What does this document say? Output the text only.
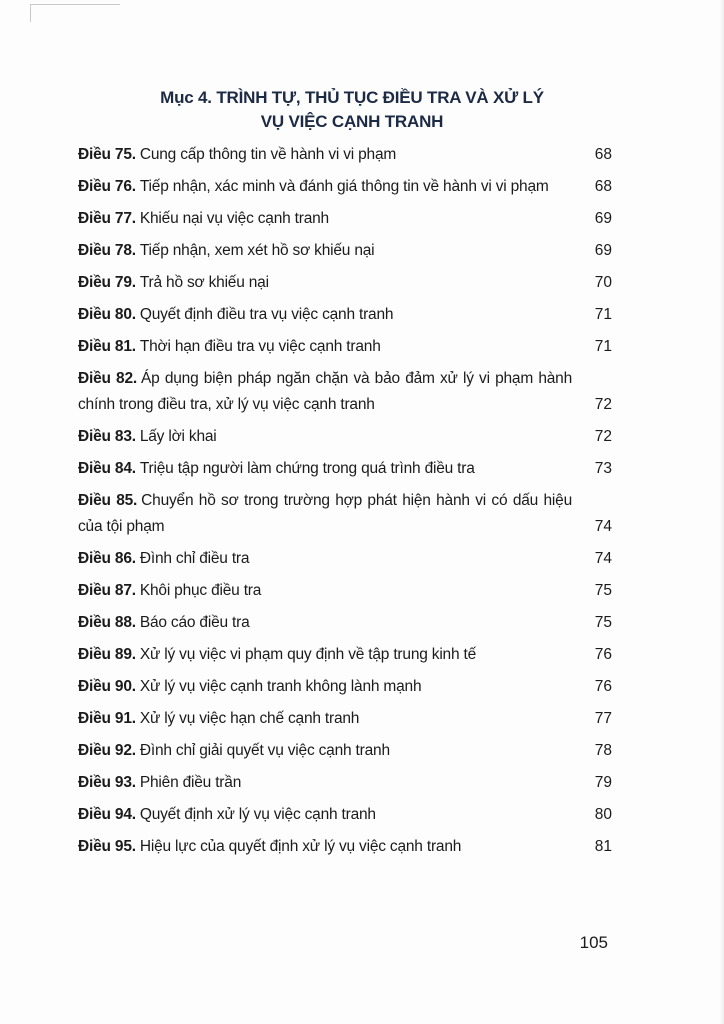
Mục 4. TRÌNH TỰ, THỦ TỤC ĐIỀU TRA VÀ XỬ LÝ
VỤ VIỆC CẠNH TRANH
Điều 75. Cung cấp thông tin về hành vi vi phạm	68
Điều 76. Tiếp nhận, xác minh và đánh giá thông tin về hành vi vi phạm	68
Điều 77. Khiếu nại vụ việc cạnh tranh	69
Điều 78. Tiếp nhận, xem xét hồ sơ khiếu nại	69
Điều 79. Trả hồ sơ khiếu nại	70
Điều 80. Quyết định điều tra vụ việc cạnh tranh	71
Điều 81. Thời hạn điều tra vụ việc cạnh tranh	71
Điều 82. Áp dụng biện pháp ngăn chặn và bảo đảm xử lý vi phạm hành chính trong điều tra, xử lý vụ việc cạnh tranh	72
Điều 83. Lấy lời khai	72
Điều 84. Triệu tập người làm chứng trong quá trình điều tra	73
Điều 85. Chuyển hồ sơ trong trường hợp phát hiện hành vi có dấu hiệu của tội phạm	74
Điều 86. Đình chỉ điều tra	74
Điều 87. Khôi phục điều tra	75
Điều 88. Báo cáo điều tra	75
Điều 89. Xử lý vụ việc vi phạm quy định về tập trung kinh tế	76
Điều 90. Xử lý vụ việc cạnh tranh không lành mạnh	76
Điều 91. Xử lý vụ việc hạn chế cạnh tranh	77
Điều 92. Đình chỉ giải quyết vụ việc cạnh tranh	78
Điều 93. Phiên điều trần	79
Điều 94. Quyết định xử lý vụ việc cạnh tranh	80
Điều 95. Hiệu lực của quyết định xử lý vụ việc cạnh tranh	81
105
